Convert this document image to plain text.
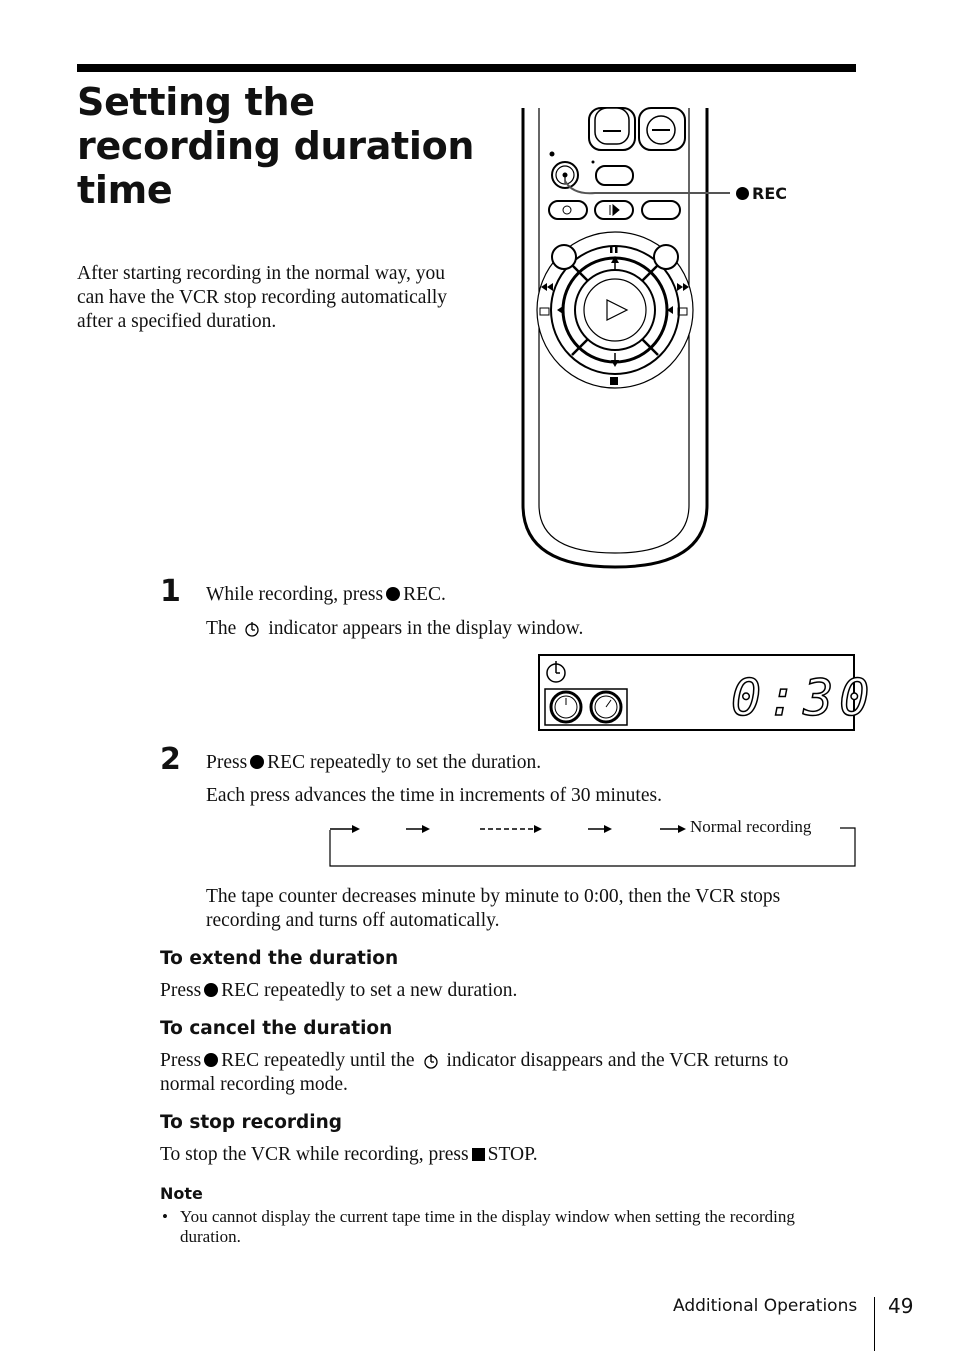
Setting the recording duration time
After starting recording in the normal way, you can have the VCR stop recording automatically after a specified duration.
REC
1 While recording, press REC.
The indicator appears in the display window.
0:30
2 Press REC repeatedly to set the duration.
Each press advances the time in increments of 30 minutes.
Normal recording
The tape counter decreases minute by minute to 0:00, then the VCR stops recording and turns off automatically.
To extend the duration
Press REC repeatedly to set a new duration.
To cancel the duration
Press REC repeatedly until the indicator disappears and the VCR returns to normal recording mode.
To stop recording
To stop the VCR while recording, press STOP.
Note
• You cannot display the current tape time in the display window when setting the recording duration.
Additional Operations 49
